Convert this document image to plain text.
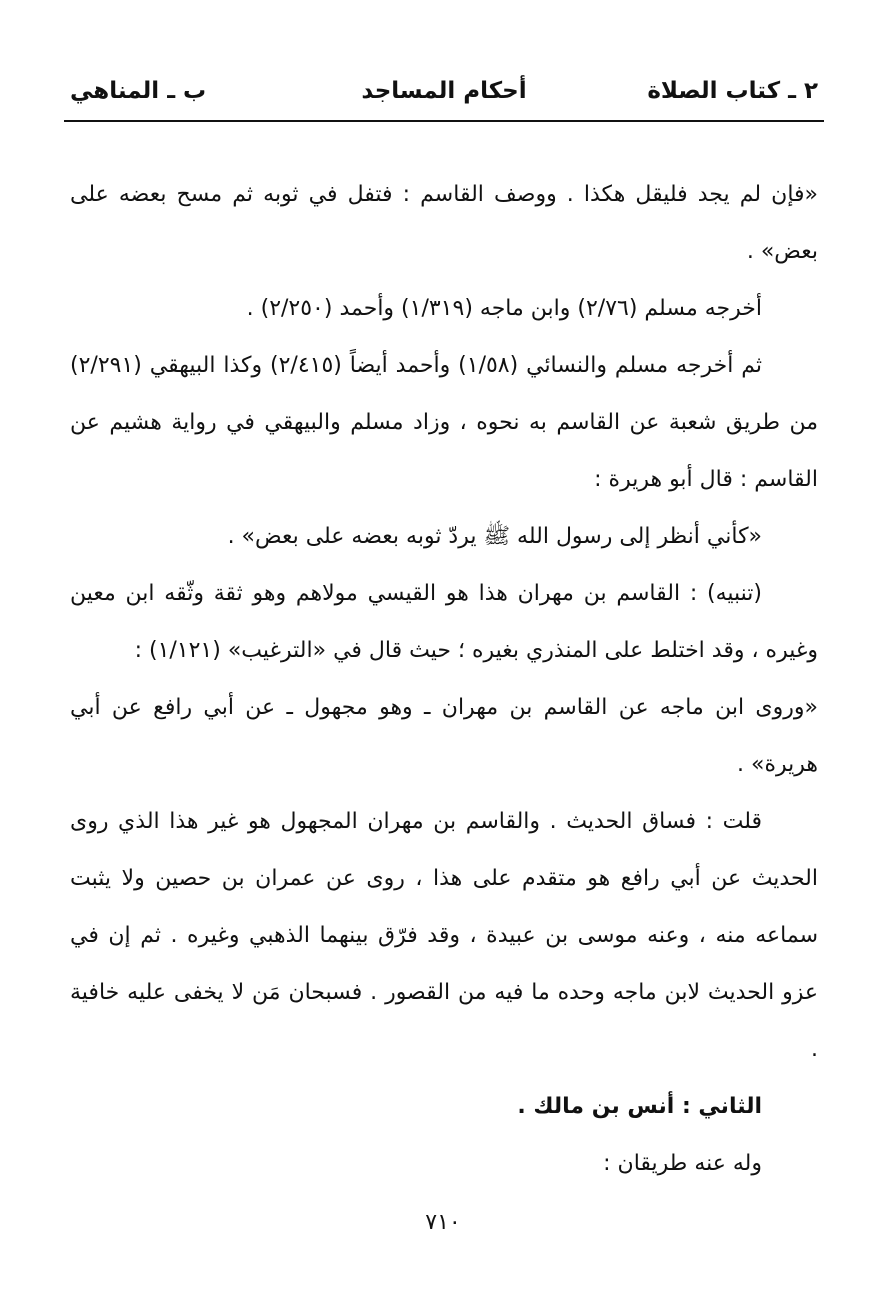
٢ ـ كتاب الصلاة
أحكام المساجد
ب ـ المناهي

«فإن لم يجد فليقل هكذا . ووصف القاسم : فتفل في ثوبه ثم مسح بعضه على بعض» .

أخرجه مسلم (٢/٧٦) وابن ماجه (١/٣١٩) وأحمد (٢/٢٥٠) .

ثم أخرجه مسلم والنسائي (١/٥٨) وأحمد أيضاً (٢/٤١٥) وكذا البيهقي (٢/٢٩١) من طريق شعبة عن القاسم به نحوه ، وزاد مسلم والبيهقي في رواية هشيم عن القاسم : قال أبو هريرة :

«كأني أنظر إلى رسول الله ﷺ يردّ ثوبه بعضه على بعض» .

(تنبيه) : القاسم بن مهران هذا هو القيسي مولاهم وهو ثقة وثّقه ابن معين وغيره ، وقد اختلط على المنذري بغيره ؛ حيث قال في «الترغيب» (١/١٢١) :

«وروى ابن ماجه عن القاسم بن مهران ـ وهو مجهول ـ عن أبي رافع عن أبي هريرة» .

قلت : فساق الحديث . والقاسم بن مهران المجهول هو غير هذا الذي روى الحديث عن أبي رافع هو متقدم على هذا ، روى عن عمران بن حصين ولا يثبت سماعه منه ، وعنه موسى بن عبيدة ، وقد فرّق بينهما الذهبي وغيره . ثم إن في عزو الحديث لابن ماجه وحده ما فيه من القصور . فسبحان مَن لا يخفى عليه خافية .

الثاني : أنس بن مالك .

وله عنه طريقان :

٧١٠
